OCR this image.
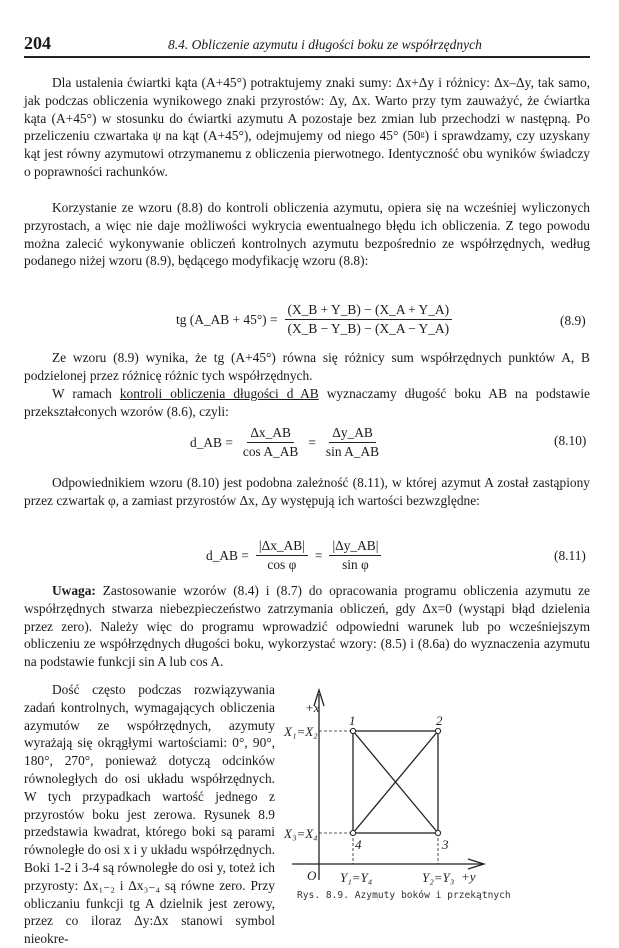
204	8.4. Obliczenie azymutu i długości boku ze współrzędnych
Dla ustalenia ćwiartki kąta (A+45°) potraktujemy znaki sumy: Δx+Δy i różnicy: Δx–Δy, tak samo, jak podczas obliczenia wynikowego znaki przyrostów: Δy, Δx. Warto przy tym zauważyć, że ćwiartka kąta (A+45°) w stosunku do ćwiartki azymutu A pozostaje bez zmian lub przechodzi w następną. Po przeliczeniu czwartaka ψ na kąt (A+45°), odejmujemy od niego 45° (50ᵍ) i sprawdzamy, czy uzyskany kąt jest równy azymutowi otrzymanemu z obliczenia pierwotnego. Identyczność obu wyników świadczy o poprawności rachunków.
Korzystanie ze wzoru (8.8) do kontroli obliczenia azymutu, opiera się na wcześniej wyliczonych przyrostach, a więc nie daje możliwości wykrycia ewentualnego błędu ich obliczenia. Z tego powodu można zalecić wykonywanie obliczeń kontrolnych azymutu bezpośrednio ze współrzędnych, według podanego niżej wzoru (8.9), będącego modyfikację wzoru (8.8):
tg (A_AB + $45^\circ) = \frac{(X\_B + Y\_B) - (X\_A + Y\_A)}{(X\_B - Y\_B) - (X\_A - Y\_A)}$	(8.9)
Ze wzoru (8.9) wynika, że tg (A+45°) równa się różnicy sum współrzędnych punktów A, B podzielonej przez różnicę różnic tych współrzędnych.
W ramach kontroli obliczenia długości d_AB wyznaczamy długość boku AB na podstawie przekształconych wzorów (8.6), czyli:
d_AB = $\frac{\Delta x\_AB}{\text{cos A\_AB}} = \frac{\Delta y\_AB}{\text{sin A\_AB}}$	(8.10)
Odpowiednikiem wzoru (8.10) jest podobna zależność (8.11), w której azymut A został zastąpiony przez czwartak φ, a zamiast przyrostów Δx, Δy występują ich wartości bezwzględne:
d_AB = $\frac{|\Delta x\_AB|}{\text{cos φ}} = \frac{|\Delta y\_AB|}{\text{sin φ}}$	(8.11)
Uwaga: Zastosowanie wzorów (8.4) i (8.7) do opracowania programu obliczenia azymutu ze współrzędnych stwarza niebezpieczeństwo zatrzymania obliczeń, gdy Δx=0 (wystąpi błąd dzielenia przez zero). Należy więc do programu wprowadzić odpowiedni warunek lub po wcześniejszym obliczeniu ze współrzędnych długości boku, wykorzystać wzory: (8.5) i (8.6a) do wyznaczenia azymutu na podstawie funkcji sin A lub cos A.
Dość często podczas rozwiązywania zadań kontrolnych, wymagających obliczenia azymutów ze współrzędnych, azymuty wyrażają się okrągłymi wartościami: 0°, 90°, 180°, 270°, ponieważ dotyczą odcinków równoległych do osi układu współrzędnych. W tych przypadkach wartość jednego z przyrostów boku jest zerowa. Rysunek 8.9 przedstawia kwadrat, którego boki są parami równoległe do osi x i y układu współrzędnych. Boki 1-2 i 3-4 są równoległe do osi y, toteż ich przyrosty: Δx₁₋₂ i Δx₃₋₄ są równe zero. Przy obliczaniu funkcji tg A dzielnik jest zerowy, przez co iloraz Δy:Δx stanowi symbol nieokre-
+x
X₁=X₂
X₃=X₄
1	2
3
4
O Y₁=Y₄	Y₂=Y₃ +y
Rys. 8.9. Azymuty boków i przekątnych
